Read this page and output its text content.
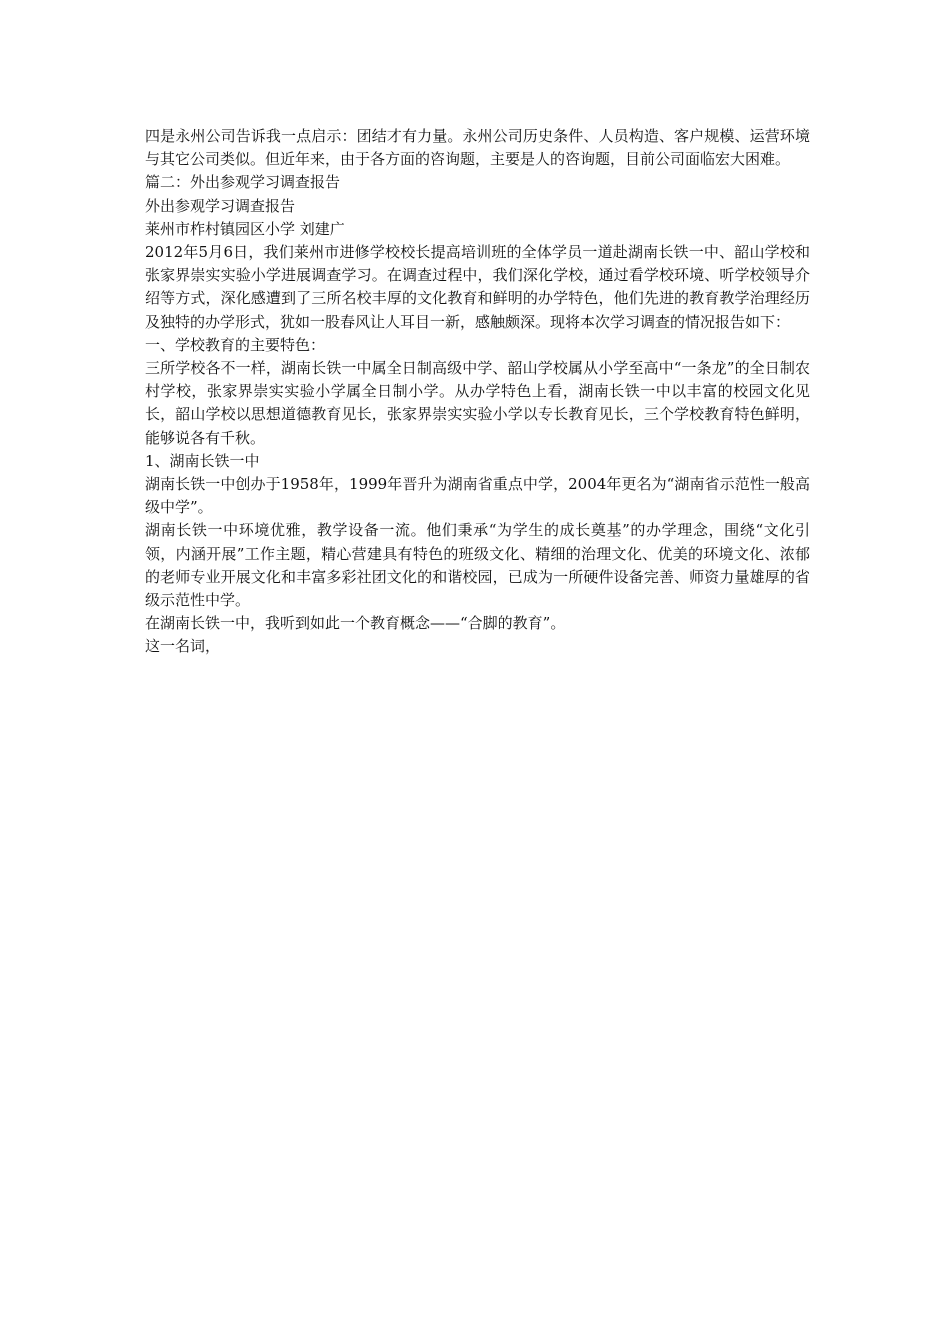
四是永州公司告诉我一点启示：团结才有力量。永州公司历史条件、人员构造、客户规模、运营环境与其它公司类似。但近年来，由于各方面的咨询题，主要是人的咨询题，目前公司面临宏大困难。

篇二：外出参观学习调查报告

外出参观学习调查报告

莱州市柞村镇园区小学 刘建广

2012年5月6日，我们莱州市进修学校校长提高培训班的全体学员一道赴湖南长铁一中、韶山学校和张家界崇实实验小学进展调查学习。在调查过程中，我们深化学校，通过看学校环境、听学校领导介绍等方式，深化感遭到了三所名校丰厚的文化教育和鲜明的办学特色，他们先进的教育教学治理经历及独特的办学形式，犹如一股春风让人耳目一新，感触颇深。现将本次学习调查的情况报告如下：

一、学校教育的主要特色：

三所学校各不一样，湖南长铁一中属全日制高级中学、韶山学校属从小学至高中“一条龙”的全日制农村学校，张家界崇实实验小学属全日制小学。从办学特色上看，湖南长铁一中以丰富的校园文化见长，韶山学校以思想道德教育见长，张家界崇实实验小学以专长教育见长，三个学校教育特色鲜明，能够说各有千秋。

1、湖南长铁一中

湖南长铁一中创办于1958年，1999年晋升为湖南省重点中学，2004年更名为“湖南省示范性一般高级中学”。

湖南长铁一中环境优雅，教学设备一流。他们秉承“为学生的成长奠基”的办学理念，围绕“文化引领，内涵开展”工作主题，精心营建具有特色的班级文化、精细的治理文化、优美的环境文化、浓郁的老师专业开展文化和丰富多彩社团文化的和谐校园，已成为一所硬件设备完善、师资力量雄厚的省级示范性中学。

在湖南长铁一中，我听到如此一个教育概念——“合脚的教育”。

这一名词，
